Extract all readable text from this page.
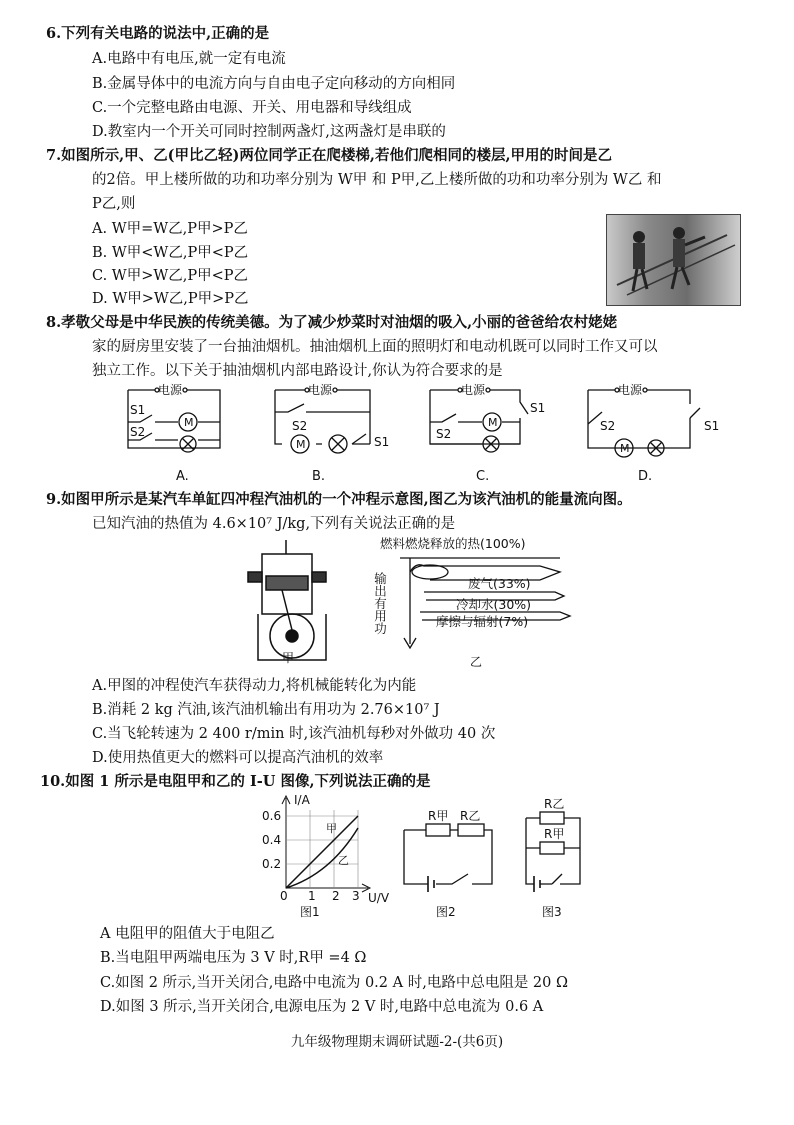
6.下列有关电路的说法中,正确的是
A.电路中有电压,就一定有电流
B.金属导体中的电流方向与自由电子定向移动的方向相同
C.一个完整电路由电源、开关、用电器和导线组成
D.教室内一个开关可同时控制两盏灯,这两盏灯是串联的
7.如图所示,甲、乙(甲比乙轻)两位同学正在爬楼梯,若他们爬相同的楼层,甲用的时间是乙
的2倍。甲上楼所做的功和功率分别为 W甲 和 P甲,乙上楼所做的功和功率分别为 W乙 和
P乙,则
A. W甲=W乙,P甲>P乙
B. W甲<W乙,P甲<P乙
C. W甲>W乙,P甲<P乙
D. W甲>W乙,P甲>P乙
8.孝敬父母是中华民族的传统美德。为了减少炒菜时对油烟的吸入,小丽的爸爸给农村姥姥
家的厨房里安装了一台抽油烟机。抽油烟机上面的照明灯和电动机既可以同时工作又可以
独立工作。以下关于抽油烟机内部电路设计,你认为符合要求的是
电源
S1
S2
M
电源
S2
S1
M
电源
S1
S2
M
电源
S2	S1
M
A.	B.	C.	D.
9.如图甲所示是某汽车单缸四冲程汽油机的一个冲程示意图,图乙为该汽油机的能量流向图。
已知汽油的热值为 4.6×10⁷ J/kg,下列有关说法正确的是
甲
燃料燃烧释放的热(100%)
废气(33%)
冷却水(30%)
摩擦与辐射(7%)
输出有用功
乙
A.甲图的冲程使汽车获得动力,将机械能转化为内能
B.消耗 2 kg 汽油,该汽油机输出有用功为 2.76×10⁷ J
C.当飞轮转速为 2 400 r/min 时,该汽油机每秒对外做功 40 次
D.使用热值更大的燃料可以提高汽油机的效率
10.如图 1 所示是电阻甲和乙的 I-U 图像,下列说法正确的是
I/A
0.6
0.4
0.2
0 1 2 3 U/V
甲
乙
图1
R甲 R乙
图2
R乙
R甲
图3
A 电阻甲的阻值大于电阻乙
B.当电阻甲两端电压为 3 V 时,R甲 =4 Ω
C.如图 2 所示,当开关闭合,电路中电流为 0.2 A 时,电路中总电阻是 20 Ω
D.如图 3 所示,当开关闭合,电源电压为 2 V 时,电路中总电流为 0.6 A
九年级物理期末调研试题-2-(共6页)
